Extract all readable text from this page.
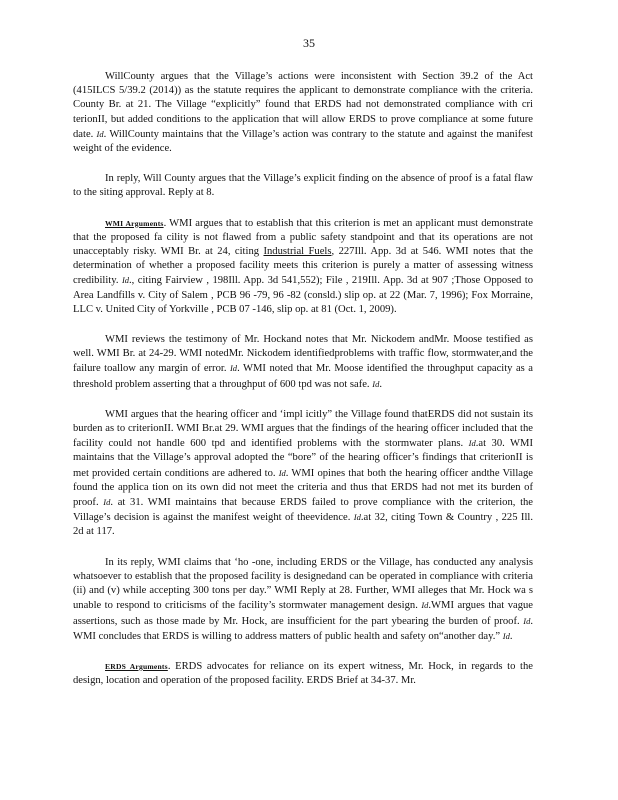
35

WillCounty argues that the Village’s actions were inconsistent with Section 39.2 of the Act (415ILCS 5/39.2 (2014)) as the statute requires the applicant to demonstrate compliance with the criteria. County Br. at 21. The Village “explicitly” found that ERDS had not demonstrated compliance with cri terionII, but added conditions to the application that will allow ERDS to prove compliance at some future date. Id. WillCounty maintains that the Village’s action was contrary to the statute and against the manifest weight of the evidence.

In reply, Will County argues that the Village’s explicit finding on the absence of proof is a fatal flaw to the siting approval. Reply at 8.

WMI Arguments. WMI argues that to establish that this criterion is met an applicant must demonstrate that the proposed fa cility is not flawed from a public safety standpoint and that its operations are not unacceptably risky. WMI Br. at 24, citing Industrial Fuels, 227Ill. App. 3d at 546. WMI notes that the determination of whether a proposed facility meets this criterion is purely a matter of assessing witness credibility. Id., citing Fairview , 198Ill. App. 3d 541,552); File , 219Ill. App. 3d at 907 ;Those Opposed to Area Landfills v. City of Salem , PCB 96 -79, 96 -82 (consld.) slip op. at 22 (Mar. 7, 1996); Fox Morraine, LLC v. United City of Yorkville , PCB 07 -146, slip op. at 81 (Oct. 1, 2009).

WMI reviews the testimony of Mr. Hockand notes that Mr. Nickodem andMr. Moose testified as well. WMI Br. at 24-29. WMI notedMr. Nickodem identifiedproblems with traffic flow, stormwater,and the failure toallow any margin of error. Id. WMI noted that Mr. Moose identified the throughput capacity as a threshold problem asserting that a throughput of 600 tpd was not safe. Id.

WMI argues that the hearing officer and ‘impl icitly” the Village found thatERDS did not sustain its burden as to criterionII. WMI Br.at 29. WMI argues that the findings of the hearing officer included that the facility could not handle 600 tpd and identified problems with the stormwater plans. Id.at 30. WMI maintains that the Village’s approval adopted the “bore” of the hearing officer’s findings that criterionII is met provided certain conditions are adhered to. Id. WMI opines that both the hearing officer andthe Village found the applica tion on its own did not meet the criteria and thus that ERDS had not met its burden of proof. Id. at 31. WMI maintains that because ERDS failed to prove compliance with the criterion, the Village’s decision is against the manifest weight of theevidence. Id.at 32, citing Town & Country , 225 Ill. 2d at 117.

In its reply, WMI claims that ‘ho -one, including ERDS or the Village, has conducted any analysis whatsoever to establish that the proposed facility is designedand can be operated in compliance with criteria (ii) and (v) while accepting 300 tons per day.” WMI Reply at 28. Further, WMI alleges that Mr. Hock wa s unable to respond to criticisms of the facility’s stormwater management design. Id.WMI argues that vague assertions, such as those made by Mr. Hock, are insufficient for the part ybearing the burden of proof. Id. WMI concludes that ERDS is willing to address matters of public health and safety on“another day.” Id.

ERDS Arguments. ERDS advocates for reliance on its expert witness, Mr. Hock, in regards to the design, location and operation of the proposed facility. ERDS Brief at 34-37. Mr.
